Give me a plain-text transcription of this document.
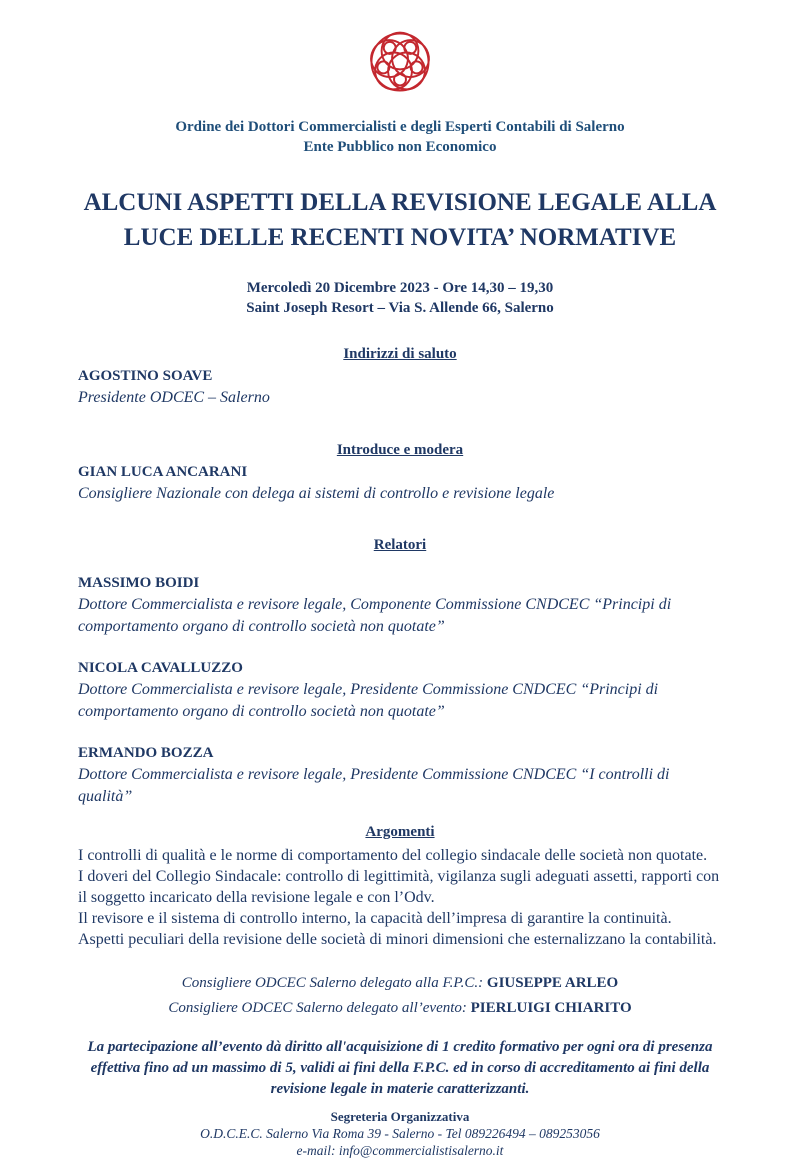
Ordine dei Dottori Commercialisti e degli Esperti Contabili di Salerno
Ente Pubblico non Economico
ALCUNI ASPETTI DELLA REVISIONE LEGALE ALLA LUCE DELLE RECENTI NOVITA’ NORMATIVE
Mercoledì 20 Dicembre 2023 - Ore 14,30 – 19,30
Saint Joseph Resort – Via S. Allende 66, Salerno
Indirizzi di saluto
AGOSTINO SOAVE
Presidente ODCEC – Salerno
Introduce e modera
GIAN LUCA ANCARANI
Consigliere Nazionale con delega ai sistemi di controllo e revisione legale
Relatori
MASSIMO BOIDI
Dottore Commercialista e revisore legale, Componente Commissione CNDCEC “Principi di comportamento organo di controllo società non quotate”
NICOLA CAVALLUZZO
Dottore Commercialista e revisore legale, Presidente Commissione CNDCEC “Principi di comportamento organo di controllo società non quotate”
ERMANDO BOZZA
Dottore Commercialista e revisore legale, Presidente Commissione CNDCEC “I controlli di qualità”
Argomenti

I controlli di qualità e le norme di comportamento del collegio sindacale delle società non quotate.

I doveri del Collegio Sindacale: controllo di legittimità, vigilanza sugli adeguati assetti, rapporti con il soggetto incaricato della revisione legale e con l’Odv.

Il revisore e il sistema di controllo interno, la capacità dell’impresa di garantire la continuità.

Aspetti peculiari della revisione delle società di minori dimensioni che esternalizzano la contabilità.

Consigliere ODCEC Salerno delegato alla F.P.C.: GIUSEPPE ARLEO
Consigliere ODCEC Salerno delegato all’evento: PIERLUIGI CHIARITO

La partecipazione all’evento dà diritto all'acquisizione di 1 credito formativo per ogni ora di presenza effettiva fino ad un massimo di 5, validi ai fini della F.P.C. ed in corso di accreditamento ai fini della revisione legale in materie caratterizzanti.

Segreteria Organizzativa
O.D.C.E.C. Salerno Via Roma 39 - Salerno - Tel 089226494 – 089253056
e-mail: info@commercialistisalerno.it
